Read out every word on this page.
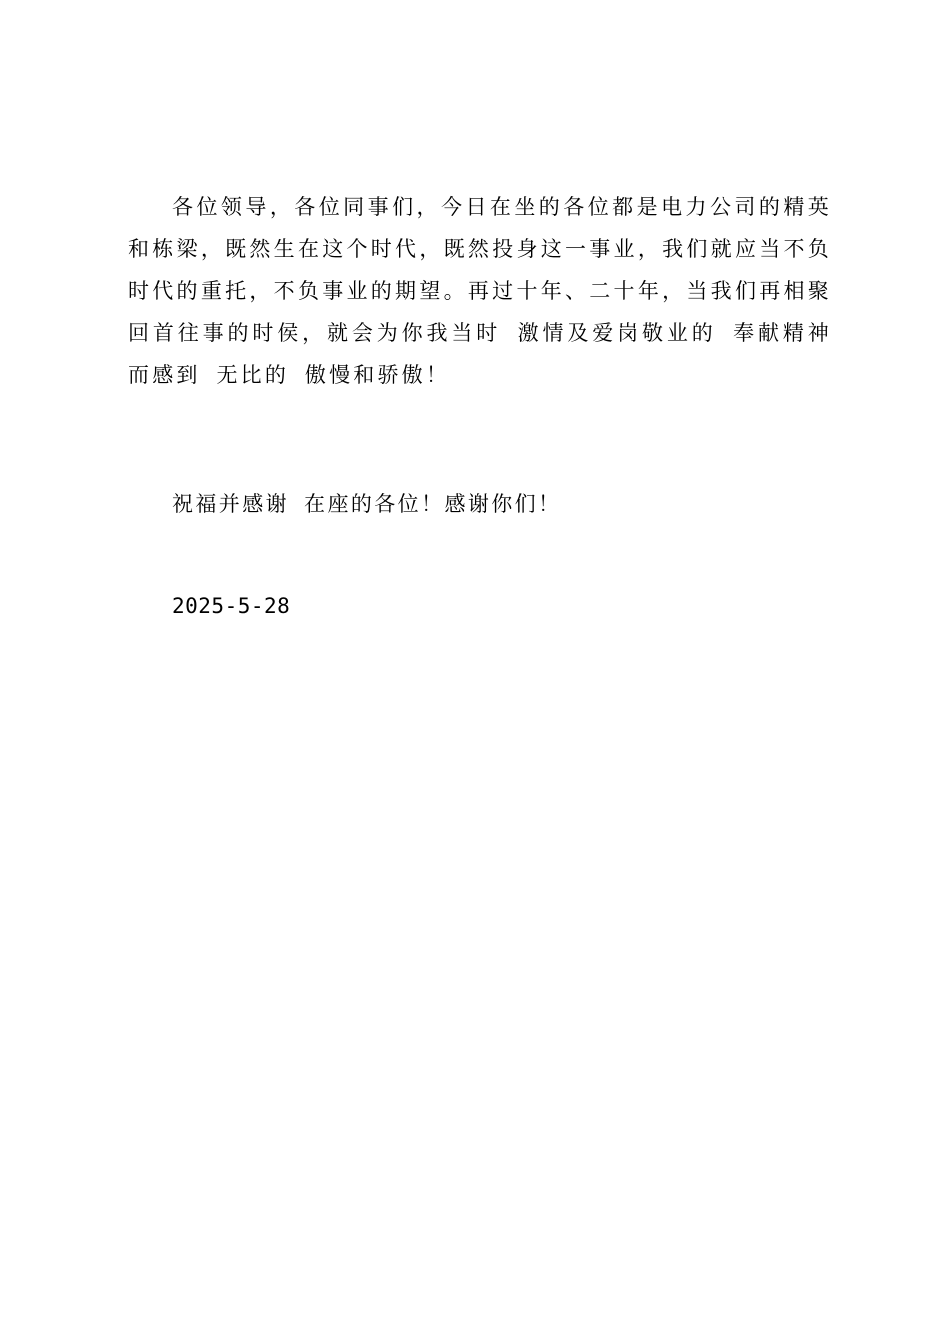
各位领导，各位同事们，今日在坐的各位都是电力公司的精英和栋梁，既然生在这个时代，既然投身这一事业，我们就应当不负时代的重托，不负事业的期望。再过十年、二十年，当我们再相聚 回首往事的时侯，就会为你我当时 激情及爱岗敬业的 奉献精神而感到 无比的 傲慢和骄傲！

祝福并感谢 在座的各位！感谢你们！

2025-5-28
